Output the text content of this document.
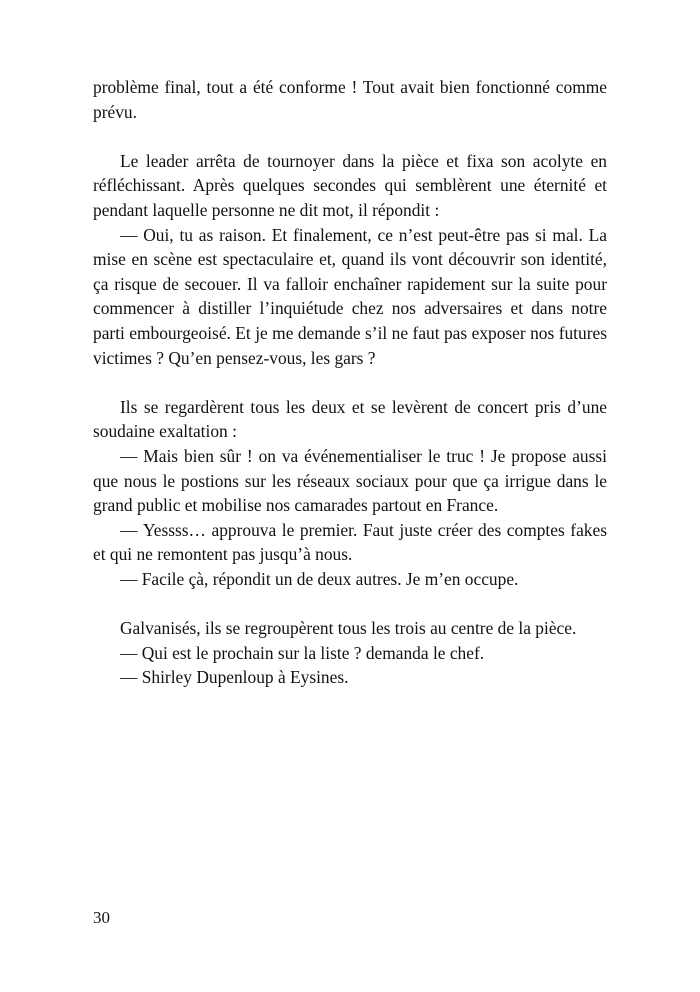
problème final, tout a été conforme ! Tout avait bien fonctionné comme prévu.

Le leader arrêta de tournoyer dans la pièce et fixa son acolyte en réfléchissant. Après quelques secondes qui semblèrent une éternité et pendant laquelle personne ne dit mot, il répondit :

— Oui, tu as raison. Et finalement, ce n’est peut-être pas si mal. La mise en scène est spectaculaire et, quand ils vont découvrir son identité, ça risque de secouer. Il va falloir enchaîner rapidement sur la suite pour commencer à distiller l’inquiétude chez nos adversaires et dans notre parti embourgeoisé. Et je me demande s’il ne faut pas exposer nos futures victimes ? Qu’en pensez-vous, les gars ?

Ils se regardèrent tous les deux et se levèrent de concert pris d’une soudaine exaltation :

— Mais bien sûr ! on va événementialiser le truc ! Je propose aussi que nous le postions sur les réseaux sociaux pour que ça irrigue dans le grand public et mobilise nos camarades partout en France.

— Yessss… approuva le premier. Faut juste créer des comptes fakes et qui ne remontent pas jusqu’à nous.

— Facile çà, répondit un de deux autres. Je m’en occupe.

Galvanisés, ils se regroupèrent tous les trois au centre de la pièce.

— Qui est le prochain sur la liste ? demanda le chef.

— Shirley Dupenloup à Eysines.

30
